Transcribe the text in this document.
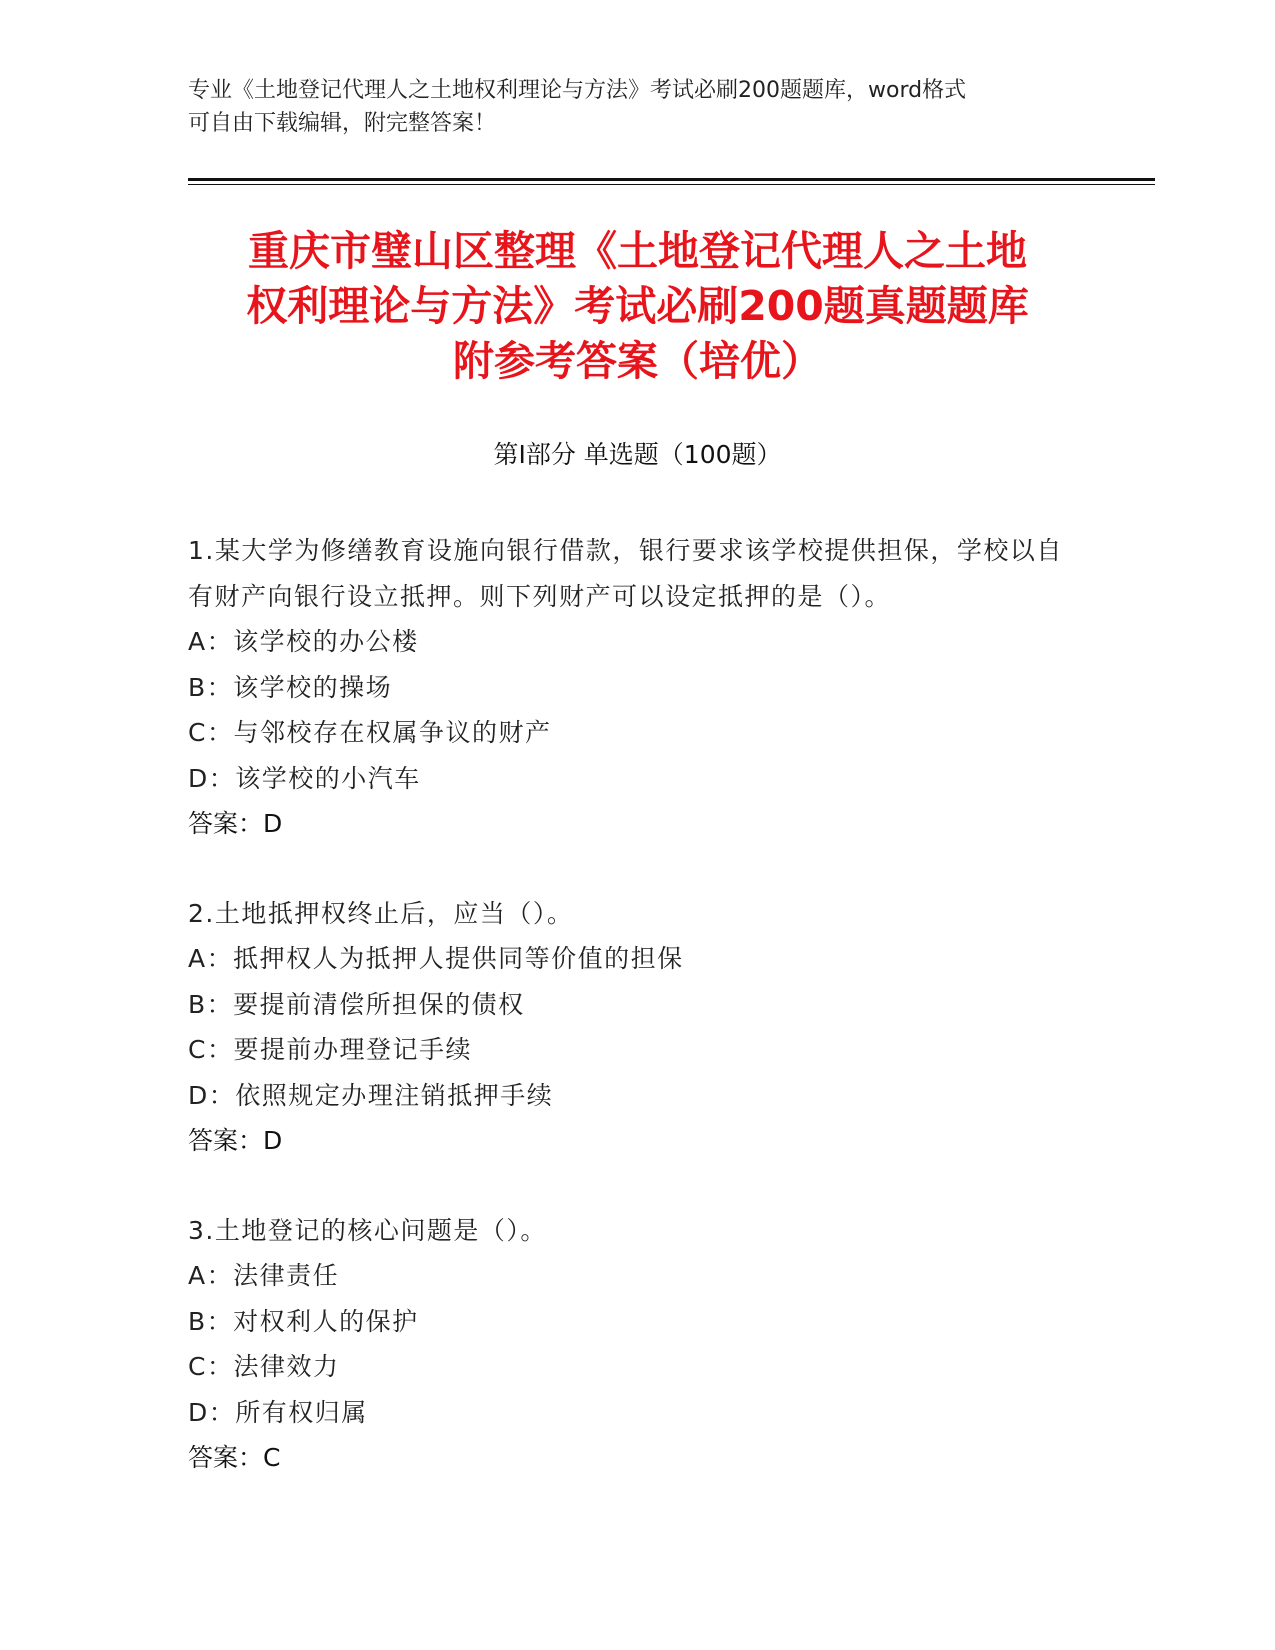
专业《土地登记代理人之土地权利理论与方法》考试必刷200题题库，word格式
可自由下载编辑，附完整答案！
重庆市璧山区整理《土地登记代理人之土地
权利理论与方法》考试必刷200题真题题库
附参考答案（培优）
第Ⅰ部分 单选题（100题）
1.某大学为修缮教育设施向银行借款，银行要求该学校提供担保，学校以自有财产向银行设立抵押。则下列财产可以设定抵押的是（）。
A：该学校的办公楼
B：该学校的操场
C：与邻校存在权属争议的财产
D：该学校的小汽车
答案：D
2.土地抵押权终止后，应当（）。
A：抵押权人为抵押人提供同等价值的担保
B：要提前清偿所担保的债权
C：要提前办理登记手续
D：依照规定办理注销抵押手续
答案：D
3.土地登记的核心问题是（）。
A：法律责任
B：对权利人的保护
C：法律效力
D：所有权归属
答案：C
